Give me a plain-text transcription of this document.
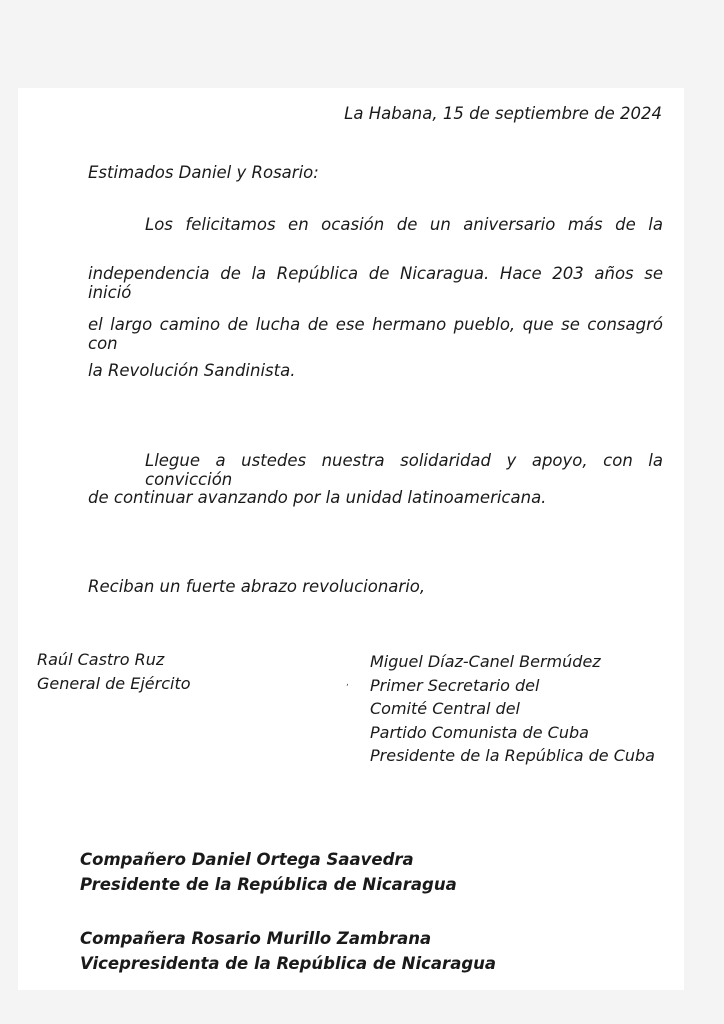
La Habana, 15 de septiembre de 2024
Estimados Daniel y Rosario:
Los felicitamos en ocasión de un aniversario más de la
independencia de la República de Nicaragua. Hace 203 años se inició
el largo camino de lucha de ese hermano pueblo, que se consagró con
la Revolución Sandinista.
Llegue a ustedes nuestra solidaridad y apoyo, con la convicción
de continuar avanzando por la unidad latinoamericana.
Reciban un fuerte abrazo revolucionario,
Raúl Castro Ruz
General de Ejército	,
Miguel Díaz-Canel Bermúdez
Primer Secretario del
Comité Central del
Partido Comunista de Cuba
Presidente de la República de Cuba
Compañero Daniel Ortega Saavedra
Presidente de la República de Nicaragua
Compañera Rosario Murillo Zambrana
Vicepresidenta de la República de Nicaragua
